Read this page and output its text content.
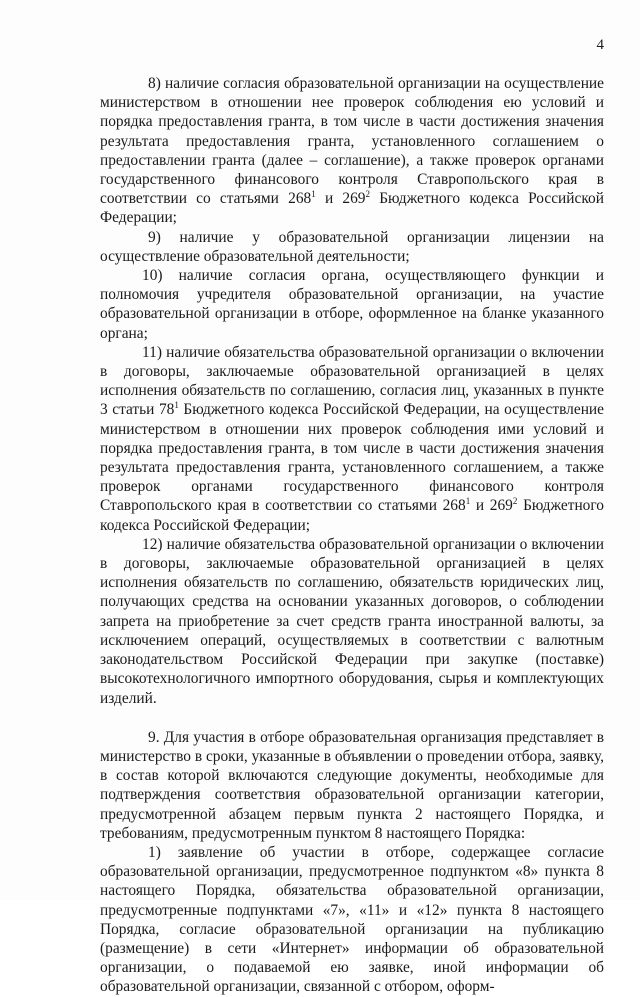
4

8) наличие согласия образовательной организации на осуществление министерством в отношении нее проверок соблюдения ею условий и порядка предоставления гранта, в том числе в части достижения значения результата предоставления гранта, установленного соглашением о предоставлении гранта (далее – соглашение), а также проверок органами государственного финансового контроля Ставропольского края в соответствии со статьями $268^1$ и $269^2$ Бюджетного кодекса Российской Федерации;

9) наличие у образовательной организации лицензии на осуществление образовательной деятельности;

10) наличие согласия органа, осуществляющего функции и полномочия учредителя образовательной организации, на участие образовательной организации в отборе, оформленное на бланке указанного органа;

11) наличие обязательства образовательной организации о включении в договоры, заключаемые образовательной организацией в целях исполнения обязательств по соглашению, согласия лиц, указанных в пункте 3 статьи $78^1$ Бюджетного кодекса Российской Федерации, на осуществление министерством в отношении них проверок соблюдения ими условий и порядка предоставления гранта, в том числе в части достижения значения результата предоставления гранта, установленного соглашением, а также проверок органами государственного финансового контроля Ставропольского края в соответствии со статьями $268^1$ и $269^2$ Бюджетного кодекса Российской Федерации;

12) наличие обязательства образовательной организации о включении в договоры, заключаемые образовательной организацией в целях исполнения обязательств по соглашению, обязательств юридических лиц, получающих средства на основании указанных договоров, о соблюдении запрета на приобретение за счет средств гранта иностранной валюты, за исключением операций, осуществляемых в соответствии с валютным законодательством Российской Федерации при закупке (поставке) высокотехнологичного импортного оборудования, сырья и комплектующих изделий.

9. Для участия в отборе образовательная организация представляет в министерство в сроки, указанные в объявлении о проведении отбора, заявку, в состав которой включаются следующие документы, необходимые для подтверждения соответствия образовательной организации категории, предусмотренной абзацем первым пункта 2 настоящего Порядка, и требованиям, предусмотренным пунктом 8 настоящего Порядка:

1) заявление об участии в отборе, содержащее согласие образовательной организации, предусмотренное подпунктом «8» пункта 8 настоящего Порядка, обязательства образовательной организации, предусмотренные подпунктами «7», «11» и «12» пункта 8 настоящего Порядка, согласие образовательной организации на публикацию (размещение) в сети «Интернет» информации об образовательной организации, о подаваемой ею заявке, иной информации об образовательной организации, связанной с отбором, оформ-
